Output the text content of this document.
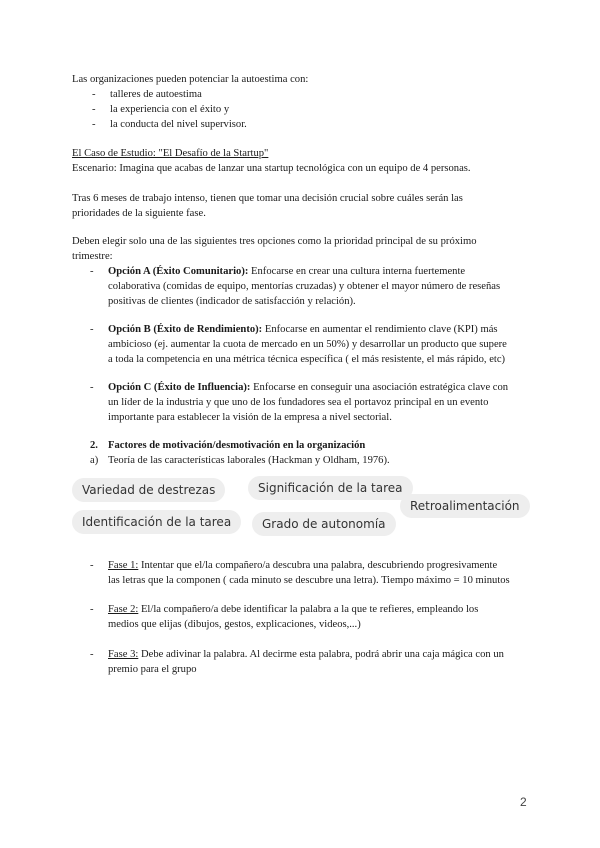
Las organizaciones pueden potenciar la autoestima con:

- talleres de autoestima
- la experiencia con el éxito y
- la conducta del nivel supervisor.

El Caso de Estudio: "El Desafío de la Startup"

Escenario: Imagina que acabas de lanzar una startup tecnológica con un equipo de 4 personas.

Tras 6 meses de trabajo intenso, tienen que tomar una decisión crucial sobre cuáles serán las
prioridades de la siguiente fase.

Deben elegir solo una de las siguientes tres opciones como la prioridad principal de su próximo
trimestre:

- Opción A (Éxito Comunitario): Enfocarse en crear una cultura interna fuertemente
colaborativa (comidas de equipo, mentorías cruzadas) y obtener el mayor número de reseñas
positivas de clientes (indicador de satisfacción y relación).
- Opción B (Éxito de Rendimiento): Enfocarse en aumentar el rendimiento clave (KPI) más
ambicioso (ej. aumentar la cuota de mercado en un 50%) y desarrollar un producto que supere
a toda la competencia en una métrica técnica específica ( el más resistente, el más rápido, etc)
- Opción C (Éxito de Influencia): Enfocarse en conseguir una asociación estratégica clave con
un líder de la industria y que uno de los fundadores sea el portavoz principal en un evento
importante para establecer la visión de la empresa a nivel sectorial.
2. Factores de motivación/desmotivación en la organización
a) Teoría de las características laborales (Hackman y Oldham, 1976).
Variedad de destrezas	Significación de la tarea
Retroalimentación
Identificación de la tarea	Grado de autonomía
- Fase 1: Intentar que el/la compañero/a descubra una palabra, descubriendo progresivamente
las letras que la componen ( cada minuto se descubre una letra). Tiempo máximo = 10 minutos
- Fase 2: El/la compañero/a debe identificar la palabra a la que te refieres, empleando los
medios que elijas (dibujos, gestos, explicaciones, videos,...)
- Fase 3: Debe adivinar la palabra. Al decirme esta palabra, podrá abrir una caja mágica con un
premio para el grupo
2
